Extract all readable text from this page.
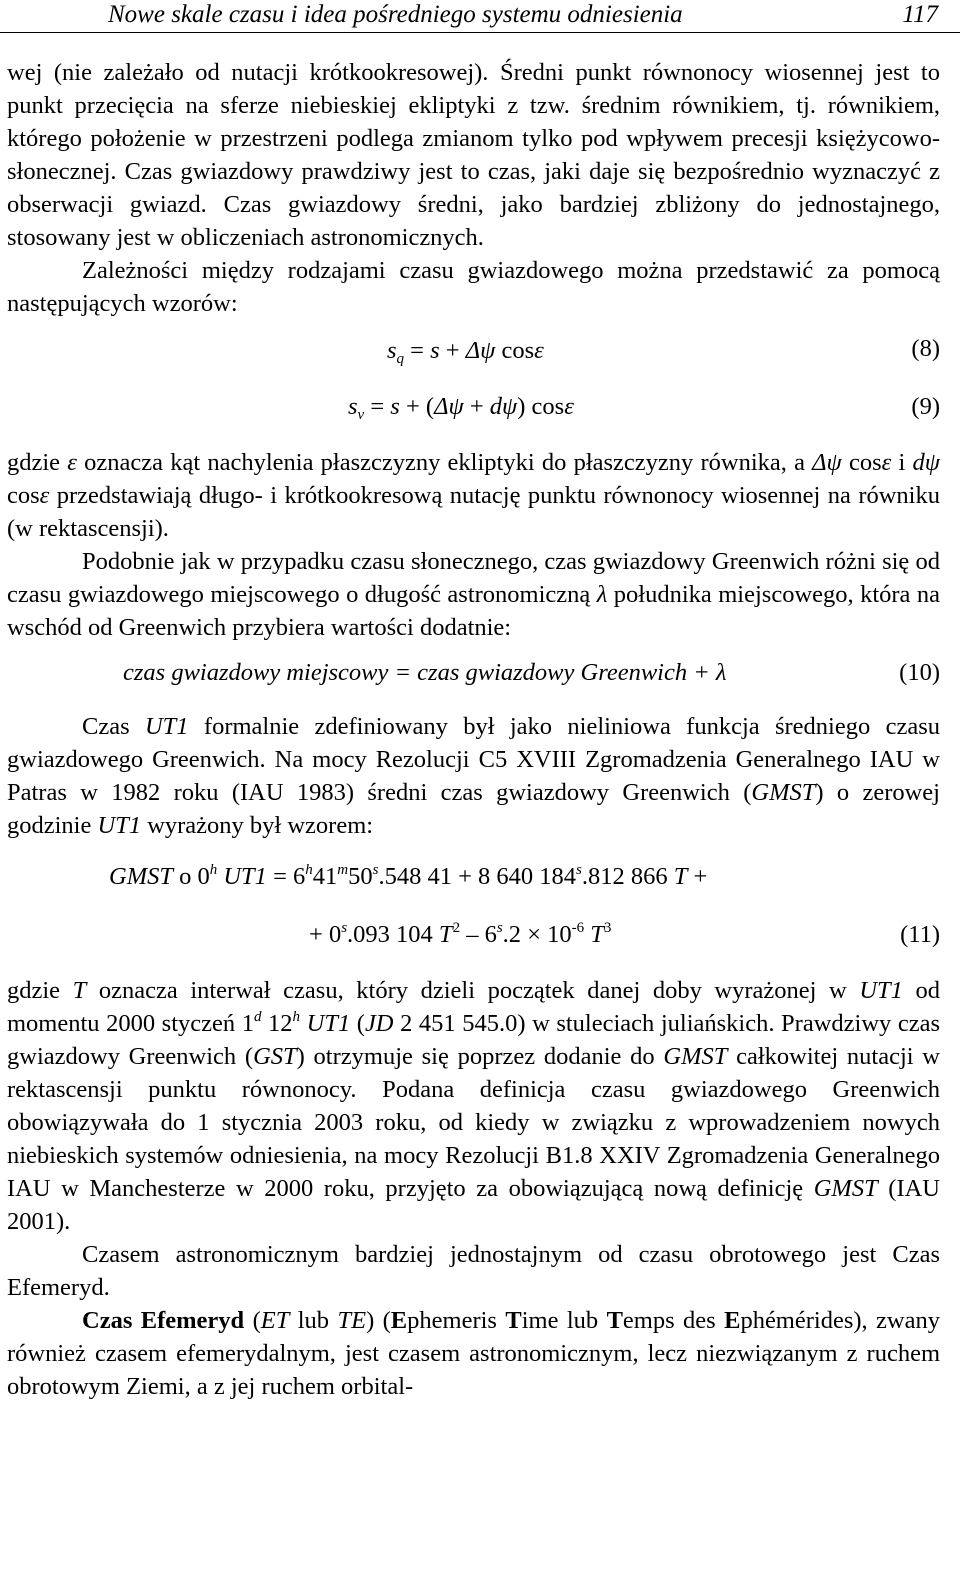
Nowe skale czasu i idea pośredniego systemu odniesienia	117

wej (nie zależało od nutacji krótkookresowej). Średni punkt równonocy wiosennej jest to punkt przecięcia na sferze niebieskiej ekliptyki z tzw. średnim równikiem, tj. równikiem, którego położenie w przestrzeni podlega zmianom tylko pod wpływem precesji księżycowo-słonecznej. Czas gwiazdowy prawdziwy jest to czas, jaki daje się bezpośrednio wyznaczyć z obserwacji gwiazd. Czas gwiazdowy średni, jako bardziej zbliżony do jednostajnego, stosowany jest w obliczeniach astronomicznych.

Zależności między rodzajami czasu gwiazdowego można przedstawić za pomocą następujących wzorów:

$s_q = s + \Delta\psi$ cosε	(8)
$s_v = s + (\Delta\psi + d\psi)$ cosε	(9)

gdzie ε oznacza kąt nachylenia płaszczyzny ekliptyki do płaszczyzny równika, a Δψ cosε i dψ cosε przedstawiają długo- i krótkookresową nutację punktu równonocy wiosennej na równiku (w rektascensji).

Podobnie jak w przypadku czasu słonecznego, czas gwiazdowy Greenwich różni się od czasu gwiazdowego miejscowego o długość astronomiczną λ południka miejscowego, która na wschód od Greenwich przybiera wartości dodatnie:

czas gwiazdowy miejscowy = czas gwiazdowy Greenwich + λ	(10)

Czas UT1 formalnie zdefiniowany był jako nieliniowa funkcja średniego czasu gwiazdowego Greenwich. Na mocy Rezolucji C5 XVIII Zgromadzenia Generalnego IAU w Patras w 1982 roku (IAU 1983) średni czas gwiazdowy Greenwich (GMST) o zerowej godzinie UT1 wyrażony był wzorem:

GMST o 0$^h$ $UT1 = 6^h41^m50^s.548$ 41 + 8 640 184$^s$.812 866 T +
+ $0^s.093$ 104 $T^2 - 6^s.2 \times 10^{-6}$ $T^3$	(11)

gdzie T oznacza interwał czasu, który dzieli początek danej doby wyrażonej w UT1 od momentu 2000 styczeń 1$^d$ 12$^h$ UT1 (JD 2 451 545.0) w stuleciach juliańskich. Prawdziwy czas gwiazdowy Greenwich (GST) otrzymuje się poprzez dodanie do GMST całkowitej nutacji w rektascensji punktu równonocy. Podana definicja czasu gwiazdowego Greenwich obowiązywała do 1 stycznia 2003 roku, od kiedy w związku z wprowadzeniem nowych niebieskich systemów odniesienia, na mocy Rezolucji B1.8 XXIV Zgromadzenia Generalnego IAU w Manchesterze w 2000 roku, przyjęto za obowiązującą nową definicję GMST (IAU 2001).

Czasem astronomicznym bardziej jednostajnym od czasu obrotowego jest Czas Efemeryd.

Czas Efemeryd (ET lub TE) (Ephemeris Time lub Temps des Ephémérides), zwany również czasem efemerydalnym, jest czasem astronomicznym, lecz niezwiązanym z ruchem obrotowym Ziemi, a z jej ruchem orbital-
